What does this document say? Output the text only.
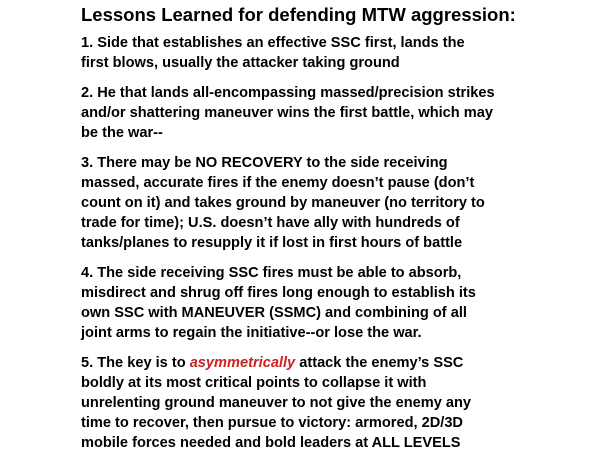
Lessons Learned for defending MTW aggression:
1. Side that establishes an effective SSC first, lands the
first blows, usually the attacker taking ground
2. He that lands all-encompassing massed/precision strikes
and/or shattering maneuver wins the first battle, which may
be the war--
3. There may be NO RECOVERY to the side receiving
massed, accurate fires if the enemy doesn’t pause (don’t
count on it) and takes ground by maneuver (no territory to
trade for time); U.S. doesn’t have ally with hundreds of
tanks/planes to resupply it if lost in first hours of battle
4. The side receiving SSC fires must be able to absorb,
misdirect and shrug off fires long enough to establish its
own SSC with MANEUVER (SSMC) and combining of all
joint arms to regain the initiative--or lose the war.
5. The key is to asymmetrically attack the enemy’s SSC
boldly at its most critical points to collapse it with
unrelenting ground maneuver to not give the enemy any
time to recover, then pursue to victory: armored, 2D/3D
mobile forces needed and bold leaders at ALL LEVELS
